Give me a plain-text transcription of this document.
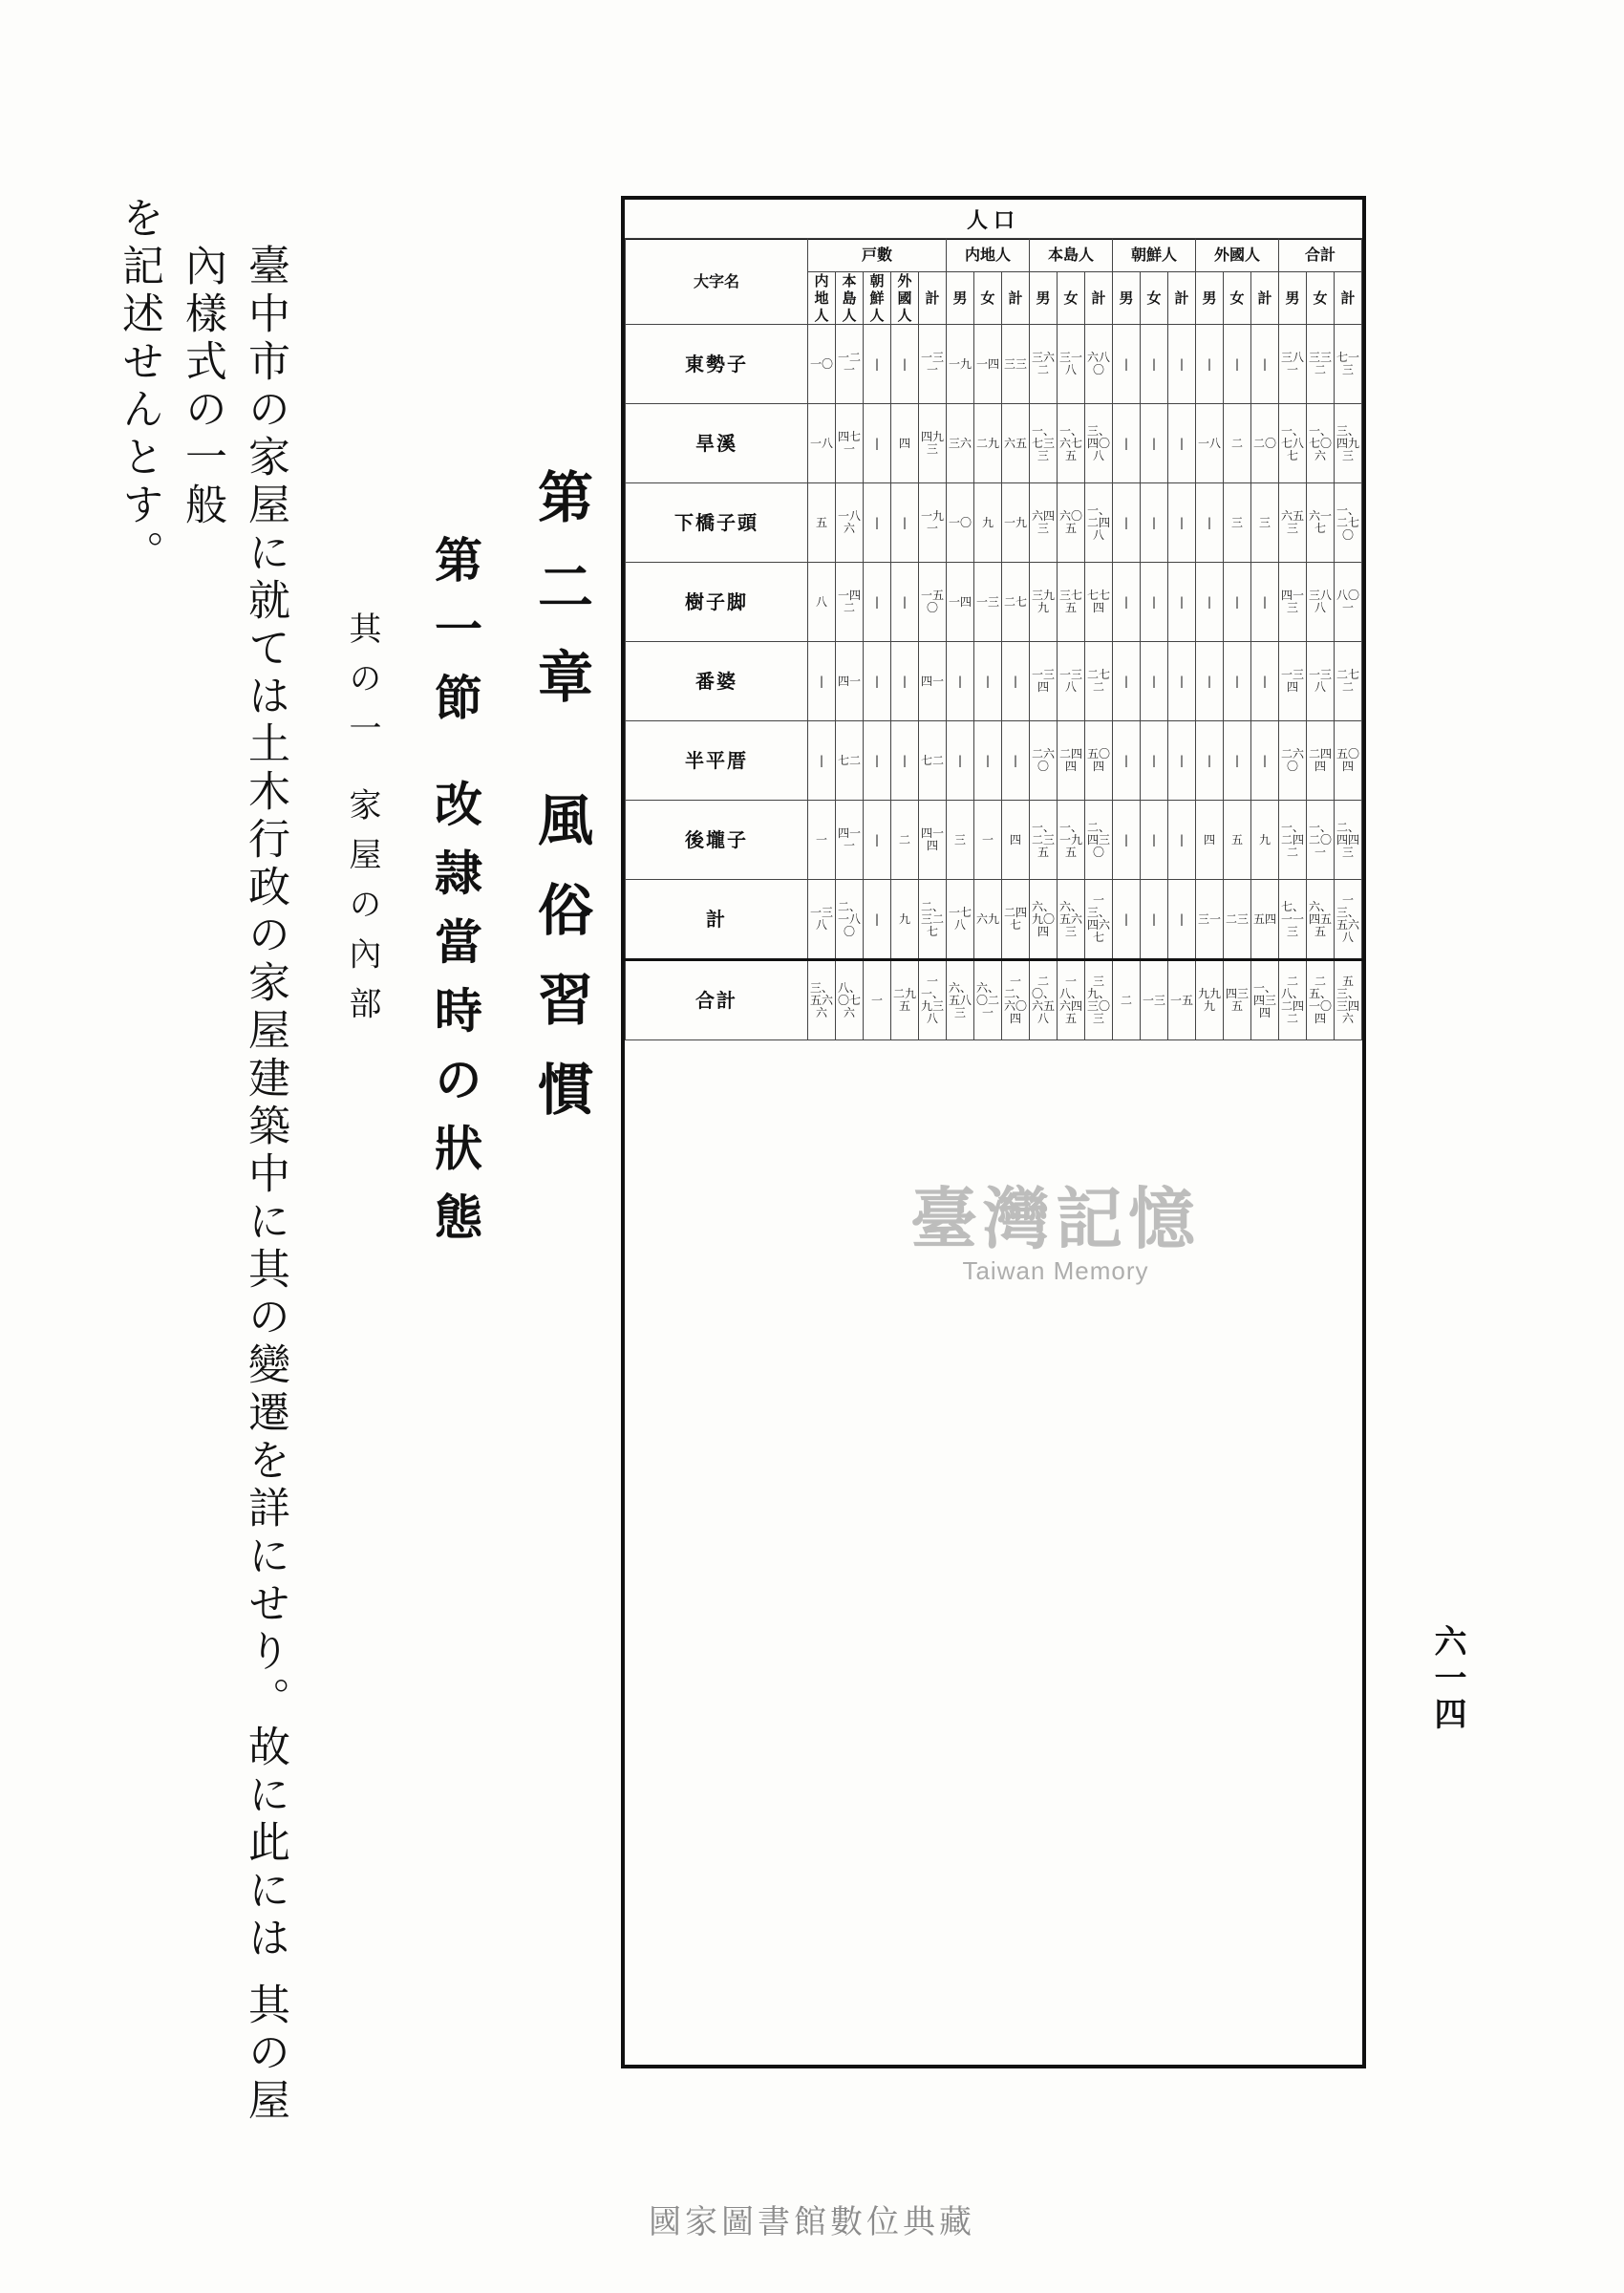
六一四
人口
大字名	戸數					内地人			本島人			朝鮮人			外國人			合計		
	内地人	本島人	朝鮮人	外國人	計	男	女	計	男	女	計	男	女	計	男	女	計	男	女	計
東勢子	一〇	一二一	|	|	一三一	一九	一四	三三	三六二	三一八	六八〇	|	|	|	|	|	|	三八一	三三二	七一三
旱溪	一八	四七一	|	四	四九三	三六	二九	六五	一、七三三	一、六七五	三、四〇八	|	|	|	一八	二	二〇	一、七八七	一、七〇六	三、四九三
下橋子頭	五	一八六	|	|	一九一	一〇	九	一九	六四三	六〇五	一、二四八	|	|	|	|	三	三	六五三	六一七	一、二七〇
樹子脚	八	一四二	|	|	一五〇	一四	一三	二七	三九九	三七五	七七四	|	|	|	|	|	|	四一三	三八八	八〇一
番婆	|	四一	|	|	四一	|	|	|	一三四	一三八	二七二	|	|	|	|	|	|	一三四	一三八	二七二
半平厝	|	七二	|	|	七二	|	|	|	二六〇	二四四	五〇四	|	|	|	|	|	|	二六〇	二四四	五〇四
後壠子	一	四一一	|	二	四一四	三	一	四	一、二三五	一、一九五	二、四三〇	|	|	|	四	五	九	一、二四二	一、二〇一	二、四四三
計	一三八	二、一八〇	|	九	二、三二七	一七八	六九	二四七	六、九〇四	六、五六三	一三、四六七	|	|	|	三一	二三	五四	七、一一三	六、四五五	一三、五六八
合計	三、五六六	八、〇七六	一	二九五	一一、九三八	六、五八三	六、〇二一	一二、六〇四	二〇、六五八	一八、六四五	三九、三〇三	二	一三	一五	九九九	四三五	一、四三四	二八、二四二	二五、一〇四	五三、三四六
第二章 風俗習慣
第一節 改隷當時の狀態
其の一 家屋の內部

臺中市の家屋に就ては土木行政の家屋建築中に其の變遷を詳にせり。故に此には 其の屋內樣式の一般

を記述せんとす。

臺灣記憶
Taiwan Memory
國家圖書館數位典藏
